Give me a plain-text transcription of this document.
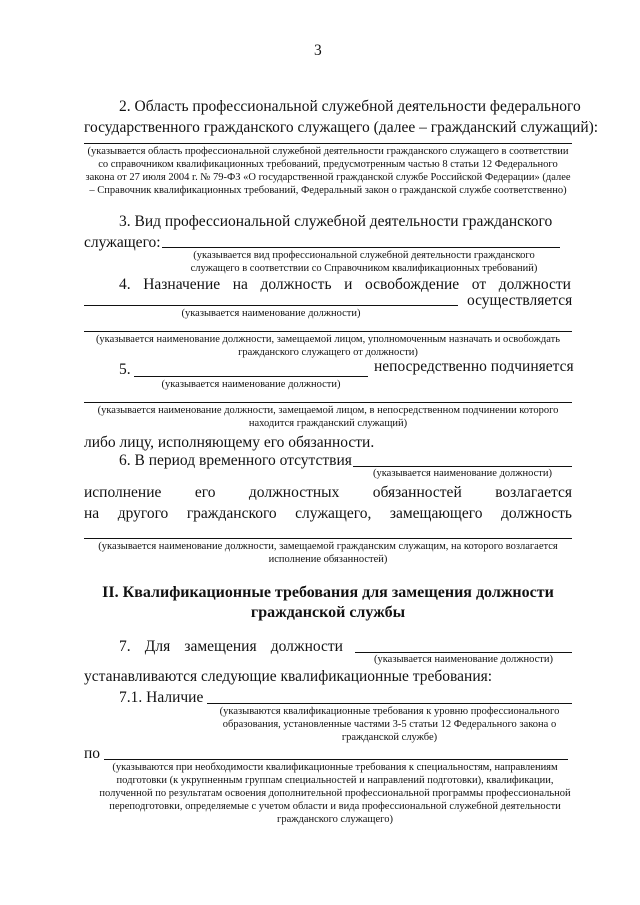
3
2. Область профессиональной служебной деятельности федерального
государственного гражданского служащего (далее – гражданский служащий):
(указывается область профессиональной служебной деятельности гражданского служащего в соответствии со справочником квалификационных требований, предусмотренным частью 8 статьи 12 Федерального закона от 27 июля 2004 г. № 79-ФЗ «О государственной гражданской службе Российской Федерации» (далее – Справочник квалификационных требований, Федеральный закон о гражданской службе соответственно)
3. Вид профессиональной служебной деятельности гражданского
служащего:
(указывается вид профессиональной служебной деятельности гражданского служащего в соответствии со Справочником квалификационных требований)
4. Назначение на должность и освобождение от должности
осуществляется
(указывается наименование должности)
(указывается наименование должности, замещаемой лицом, уполномоченным назначать и освобождать гражданского служащего от должности)
5.	непосредственно подчиняется
(указывается наименование должности)
(указывается наименование должности, замещаемой лицом, в непосредственном подчинении которого находится гражданский служащий)
либо лицу, исполняющему его обязанности.
6. В период временного отсутствия
(указывается наименование должности)
исполнение его должностных обязанностей возлагается
на другого гражданского служащего, замещающего должность
(указывается наименование должности, замещаемой гражданским служащим, на которого возлагается исполнение обязанностей)
II. Квалификационные требования для замещения должности
гражданской службы
7. Для замещения должности
(указывается наименование должности)
устанавливаются следующие квалификационные требования:
7.1. Наличие
(указываются квалификационные требования к уровню профессионального образования, установленные частями 3-5 статьи 12 Федерального закона о гражданской службе)
по
(указываются при необходимости квалификационные требования к специальностям, направлениям подготовки (к укрупненным группам специальностей и направлений подготовки), квалификации, полученной по результатам освоения дополнительной профессиональной программы профессиональной переподготовки, определяемые с учетом области и вида профессиональной служебной деятельности гражданского служащего)
